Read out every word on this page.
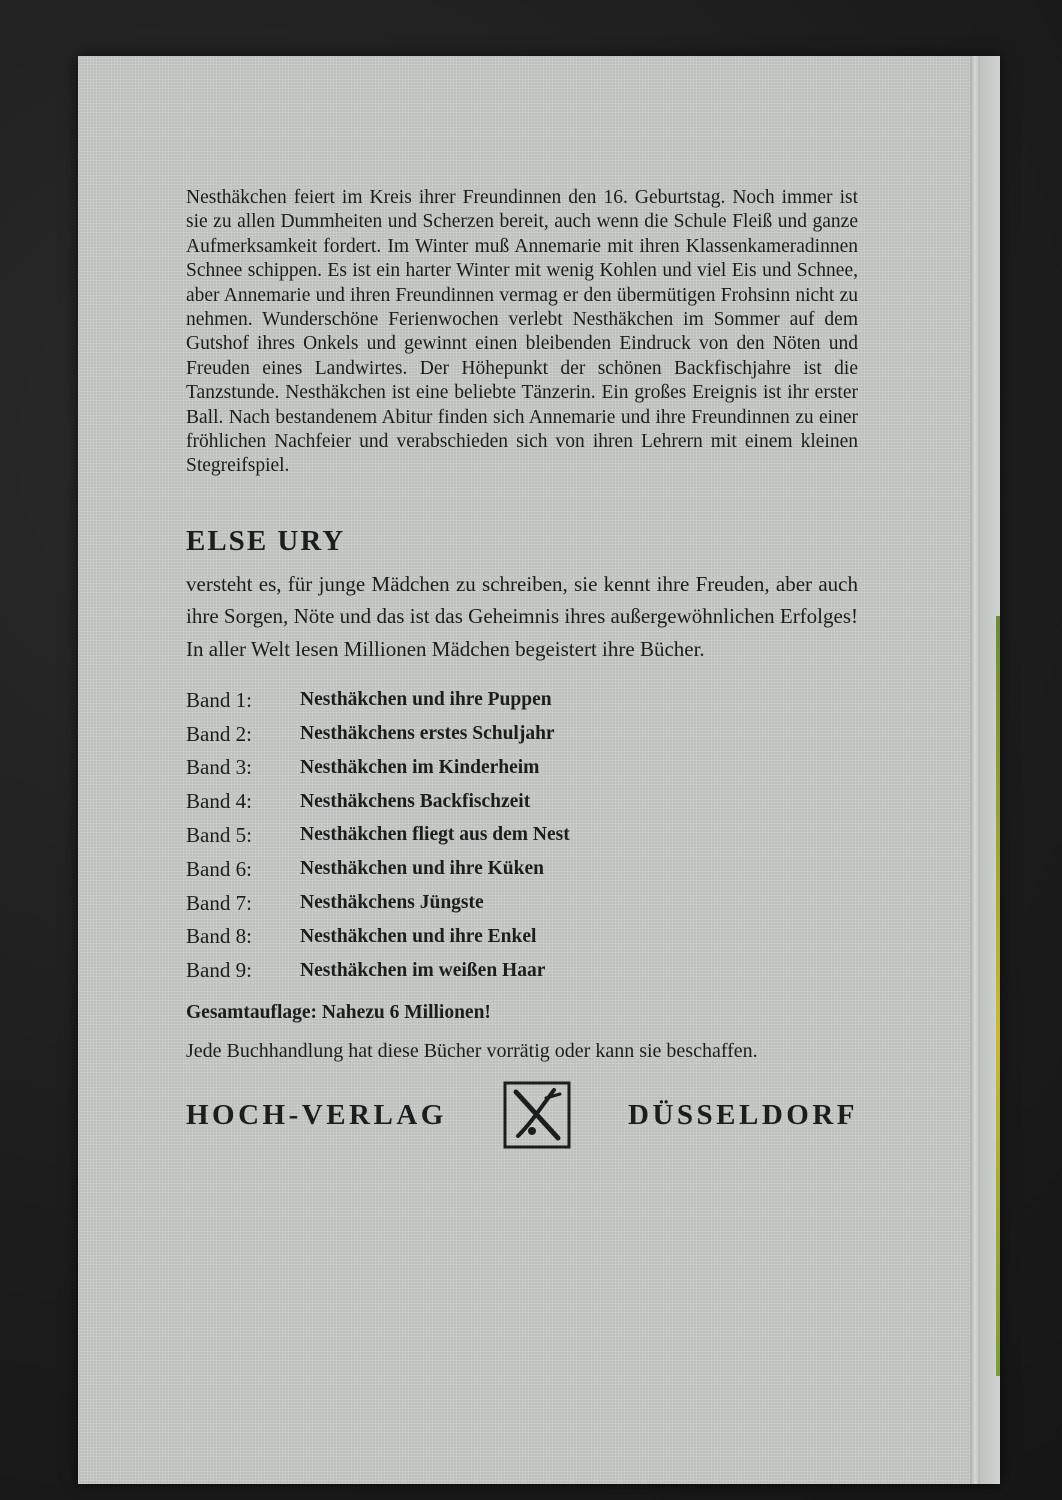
Nesthäkchen feiert im Kreis ihrer Freundinnen den 16. Geburtstag. Noch immer ist sie zu allen Dummheiten und Scherzen bereit, auch wenn die Schule Fleiß und ganze Aufmerksamkeit fordert. Im Winter muß Annemarie mit ihren Klassenkameradinnen Schnee schippen. Es ist ein harter Winter mit wenig Kohlen und viel Eis und Schnee, aber Annemarie und ihren Freundinnen vermag er den übermütigen Frohsinn nicht zu nehmen. Wunderschöne Ferienwochen verlebt Nesthäkchen im Sommer auf dem Gutshof ihres Onkels und gewinnt einen bleibenden Eindruck von den Nöten und Freuden eines Landwirtes. Der Höhepunkt der schönen Backfischjahre ist die Tanzstunde. Nesthäkchen ist eine beliebte Tänzerin. Ein großes Ereignis ist ihr erster Ball. Nach bestandenem Abitur finden sich Annemarie und ihre Freundinnen zu einer fröhlichen Nachfeier und verabschieden sich von ihren Lehrern mit einem kleinen Stegreifspiel.

ELSE URY

versteht es, für junge Mädchen zu schreiben, sie kennt ihre Freuden, aber auch ihre Sorgen, Nöte und das ist das Geheimnis ihres außergewöhnlichen Erfolges! In aller Welt lesen Millionen Mädchen begeistert ihre Bücher.

Band 1:	Nesthäkchen und ihre Puppen
Band 2:	Nesthäkchens erstes Schuljahr
Band 3:	Nesthäkchen im Kinderheim
Band 4:	Nesthäkchens Backfischzeit
Band 5:	Nesthäkchen fliegt aus dem Nest
Band 6:	Nesthäkchen und ihre Küken
Band 7:	Nesthäkchens Jüngste
Band 8:	Nesthäkchen und ihre Enkel
Band 9:	Nesthäkchen im weißen Haar

Gesamtauflage: Nahezu 6 Millionen!

Jede Buchhandlung hat diese Bücher vorrätig oder kann sie beschaffen.

HOCH-VERLAG	DÜSSELDORF
